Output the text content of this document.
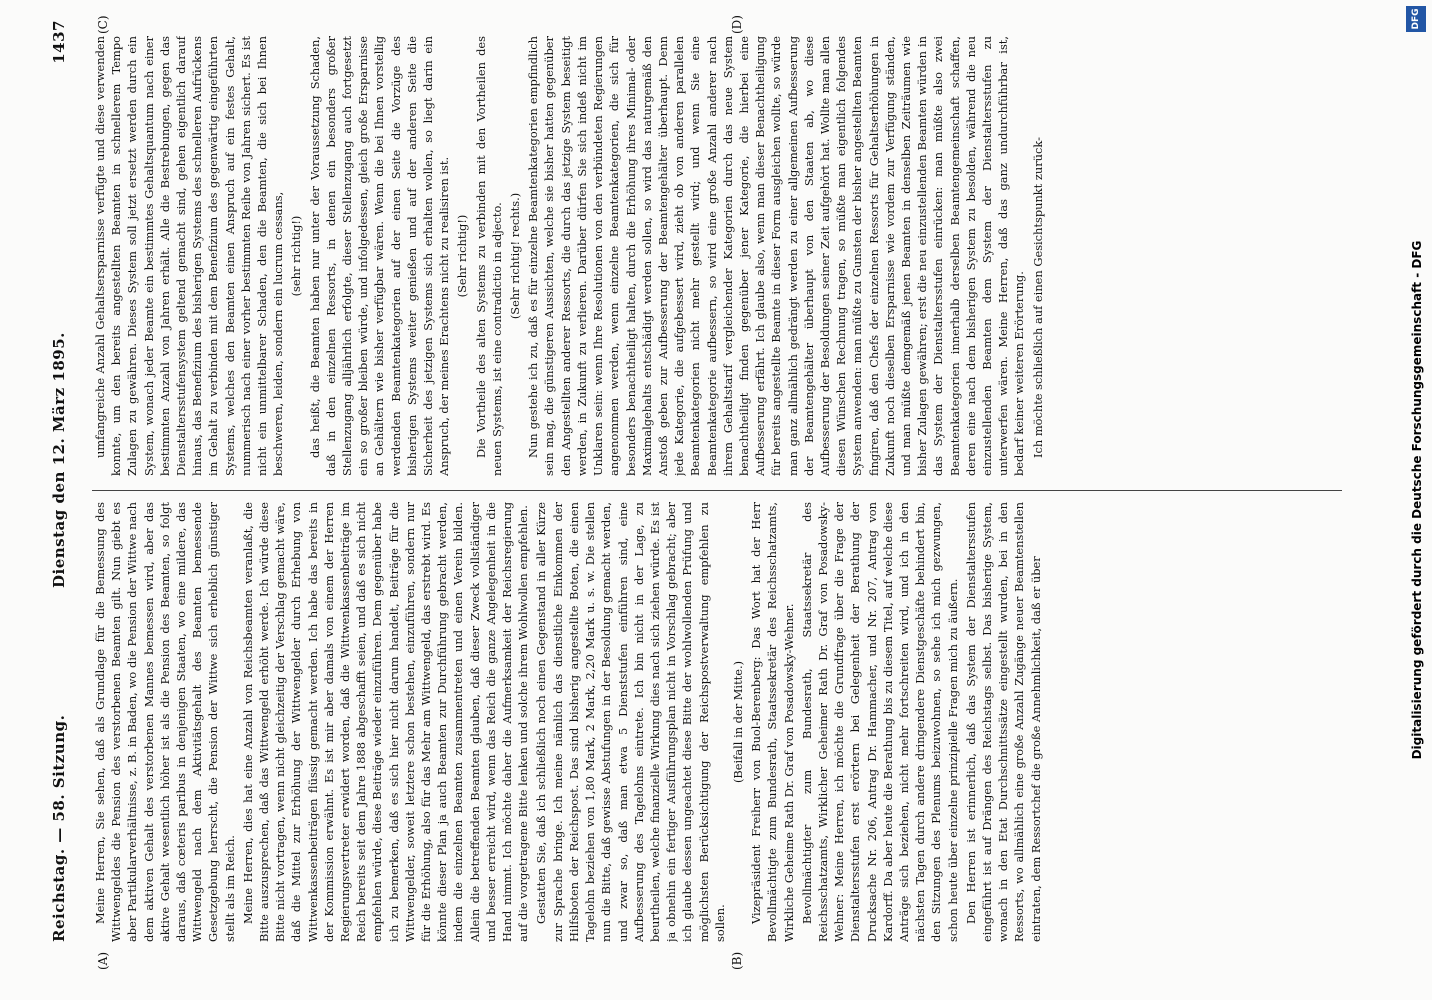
Reichstag. — 58. Sitzung.
Dienstag den 12. März 1895.
1437
(A)	(B)
(C)	(D)

Meine Herren, Sie sehen, daß als Grundlage für die Bemessung des Wittwengeldes die Pension des verstorbenen Beamten gilt. Nun giebt es aber Partikularverhältnisse, z. B. in Baden, wo die Pension der Wittwe nach dem aktiven Gehalt des verstorbenen Mannes bemessen wird, aber das aktive Gehalt wesentlich höher ist als die Pension des Beamten, so folgt daraus, daß cœteris paribus in denjenigen Staaten, wo eine mildere, das Wittwengeld nach dem Aktivitätsgehalt des Beamten bemessende Gesetzgebung herrscht, die Pension der Wittwe sich erheblich günstiger stellt als im Reich. Meine Herren, dies hat eine Anzahl von Reichsbeamten veranlaßt, die Bitte auszusprechen, daß das Wittwengeld erhöht werde. Ich würde diese Bitte nicht vortragen, wenn nicht gleichzeitig der Verschlag gemacht wäre, daß die Mittel zur Erhöhung der Wittwengelder durch Erhebung von Wittwenkassenbeiträgen flüssig gemacht werden. Ich habe das bereits in der Kommission erwähnt. Es ist mir aber damals von einem der Herren Regierungsvertreter erwidert worden, daß die Wittwenkassenbeiträge im Reich bereits seit dem Jahre 1888 abgeschafft seien, und daß es sich nicht empfehlen würde, diese Beiträge wieder einzuführen. Dem gegenüber habe ich zu bemerken, daß es sich hier nicht darum handelt, Beiträge für die Wittwengelder, soweit letztere schon bestehen, einzuführen, sondern nur für die Erhöhung, also für das Mehr am Wittwengeld, das erstrebt wird. Es könnte dieser Plan ja auch Beamten zur Durchführung gebracht werden, indem die einzelnen Beamten zusammentreten und einen Verein bilden. Allein die betreffenden Beamten glauben, daß dieser Zweck vollständiger und besser erreicht wird, wenn das Reich die ganze Angelegenheit in die Hand nimmt. Ich möchte daher die Aufmerksamkeit der Reichsregierung auf die vorgetragene Bitte lenken und solche ihrem Wohlwollen empfehlen. Gestatten Sie, daß ich schließlich noch einen Gegenstand in aller Kürze zur Sprache bringe. Ich meine nämlich das dienstliche Einkommen der Hilfsboten der Reichspost. Das sind bisherig angestellte Boten, die einen Tagelohn beziehen von 1,80 Mark, 2 Mark, 2,20 Mark u. s. w. Die stellen nun die Bitte, daß gewisse Abstufungen in der Besoldung gemacht werden, und zwar so, daß man etwa 5 Dienststufen einführen sind, eine Aufbesserung des Tagelohns eintrete. Ich bin nicht in der Lage, zu beurtheilen, welche finanzielle Wirkung dies nach sich ziehen würde. Es ist ja obnehin ein fertiger Ausführungsplan nicht in Vorschlag gebracht; aber ich glaube dessen ungeachtet diese Bitte der wohlwollenden Prüfung und möglichsten Berücksichtigung der Reichspostverwaltung empfehlen zu sollen.

(Beifall in der Mitte.) Vizepräsident Freiherr von Buol-Berenberg: Das Wort hat der Herr Bevollmächtigte zum Bundesrath, Staatssekretär des Reichsschatzamts, Wirkliche Geheime Rath Dr. Graf von Posadowsky-Wehner. Bevollmächtigter zum Bundesrath, Staatssekretär des Reichsschatzamts, Wirklicher Geheimer Rath Dr. Graf von Posadowsky-Wehner: Meine Herren, ich möchte die Grundfrage über die Frage der Dienstaltersstufen erst erörtern bei Gelegenheit der Berathung der Drucksache Nr. 206, Antrag Dr. Hammacher, und Nr. 207, Antrag von Kardorff. Da aber heute die Berathung bis zu diesem Titel, auf welche diese Anträge sich beziehen, nicht mehr fortschreiten wird, und ich in den nächsten Tagen durch andere dringendere Dienstgeschäfte behindert bin, den Sitzungen des Plenums beizuwohnen, so sehe ich mich gezwungen, schon heute über einzelne prinzipielle Fragen mich zu äußern. Den Herren ist erinnerlich, daß das System der Dienstaltersstufen eingeführt ist auf Drängen des Reichstags selbst. Das bisherige System, wonach in den Etat Durchschnittssätze eingestellt wurden, bei in den Ressorts, wo allmählich eine große Anzahl Zugänge neuer Beamtenstellen eintraten, dem Ressortchef die große Annehmlichkeit, daß er über

umfangreiche Anzahl Gehaltsersparnisse verfügte und diese verwenden konnte, um den bereits angestellten Beamten in schnellerem Tempo Zulagen zu gewähren. Dieses System soll jetzt ersetzt werden durch ein System, wonach jeder Beamte ein bestimmtes Gehaltsquantum nach einer bestimmten Anzahl von Jahren erhält. Alle die Bestrebungen, gegen das Dienstaltersstufensystem geltend gemacht sind, gehen eigentlich darauf hinaus, das Benefizium des bisherigen Systems des schnelleren Aufrückens im Gehalt zu verbinden mit dem Benefizium des gegenwärtig eingeführten Systems, welches den Beamten einen Anspruch auf ein festes Gehalt, nummerisch nach einer vorher bestimmten Reihe von Jahren sichert. Es ist nicht ein unmittelbarer Schaden, den die Beamten, die sich bei Ihnen beschweren, leiden, sondern ein lucrum cessans, (sehr richtig!) das heißt, die Beamten haben nur unter der Voraussetzung Schaden, daß in den einzelnen Ressorts, in denen ein besonders großer Stellenzugang alljährlich erfolgte, dieser Stellenzugang auch fortgesetzt ein so großer bleiben würde, und infolgedessen, gleich große Ersparnisse an Gehältern wie bisher verfügbar wären. Wenn die bei Ihnen vorstellig werdenden Beamtenkategorien auf der einen Seite die Vorzüge des bisherigen Systems weiter genießen und auf der anderen Seite die Sicherheit des jetzigen Systems sich erhalten wollen, so liegt darin ein Anspruch, der meines Erachtens nicht zu realisiren ist. (Sehr richtig!) Die Vortheile des alten Systems zu verbinden mit den Vortheilen des neuen Systems, ist eine contradictio in adjecto. (Sehr richtig! rechts.) Nun gestehe ich zu, daß es für einzelne Beamtenkategorien empfindlich sein mag, die günstigeren Aussichten, welche sie bisher hatten gegenüber den Angestellten anderer Ressorts, die durch das jetzige System beseitigt werden, in Zukunft zu verlieren. Darüber dürfen Sie sich indeß nicht im Unklaren sein: wenn Ihre Resolutionen von den verbündeten Regierungen angenommen werden, wenn einzelne Beamtenkategorien, die sich für besonders benachtheiligt halten, durch die Erhöhung ihres Minimal- oder Maximalgehalts entschädigt werden sollen, so wird das naturgemäß den Anstoß geben zur Aufbesserung der Beamtengehälter überhaupt. Denn jede Kategorie, die aufgebessert wird, zieht ob von anderen parallelen Beamtenkategorien nicht mehr gestellt wird; und wenn Sie eine Beamtenkategorie aufbessern, so wird eine große Anzahl anderer nach ihrem Gehaltstarif vergleichender Kategorien durch das neue System benachtheiligt finden gegenüber jener Kategorie, die hierbei eine Aufbesserung erfährt. Ich glaube also, wenn man dieser Benachtheiligung für bereits angestellte Beamte in dieser Form ausgleichen wollte, so würde man ganz allmählich gedrängt werden zu einer allgemeinen Aufbesserung der Beamtengehälter überhaupt von den Staaten ab, wo diese Aufbesserung der Besoldungen seiner Zeit aufgehört hat. Wollte man allen diesen Wünschen Rechnung tragen, so müßte man eigentlich folgendes System anwenden: man müßte zu Gunsten der bisher angestellten Beamten fingiren, daß den Chefs der einzelnen Ressorts für Gehaltserhöhungen in Zukunft noch dieselben Ersparnisse wie vordem zur Verfügung ständen, und man müßte demgemäß jenen Beamten in denselben Zeiträumen wie bisher Zulagen gewähren; erst die neu einzustellenden Beamten würden in das System der Dienstaltersstufen einrücken: man müßte also zwei Beamtenkategorien innerhalb derselben Beamtengemeinschaft schaffen, deren eine nach dem bisherigen System zu besolden, während die neu einzustellenden Beamten dem System der Dienstaltersstufen zu unterwerfen wären. Meine Herren, daß das ganz undurchführbar ist, bedarf keiner weiteren Erörterung. Ich möchte schließlich auf einen Gesichtspunkt zurück-	Digitalisierung gefördert durch die Deutsche Forschungsgemeinschaft - DFG
DFG
